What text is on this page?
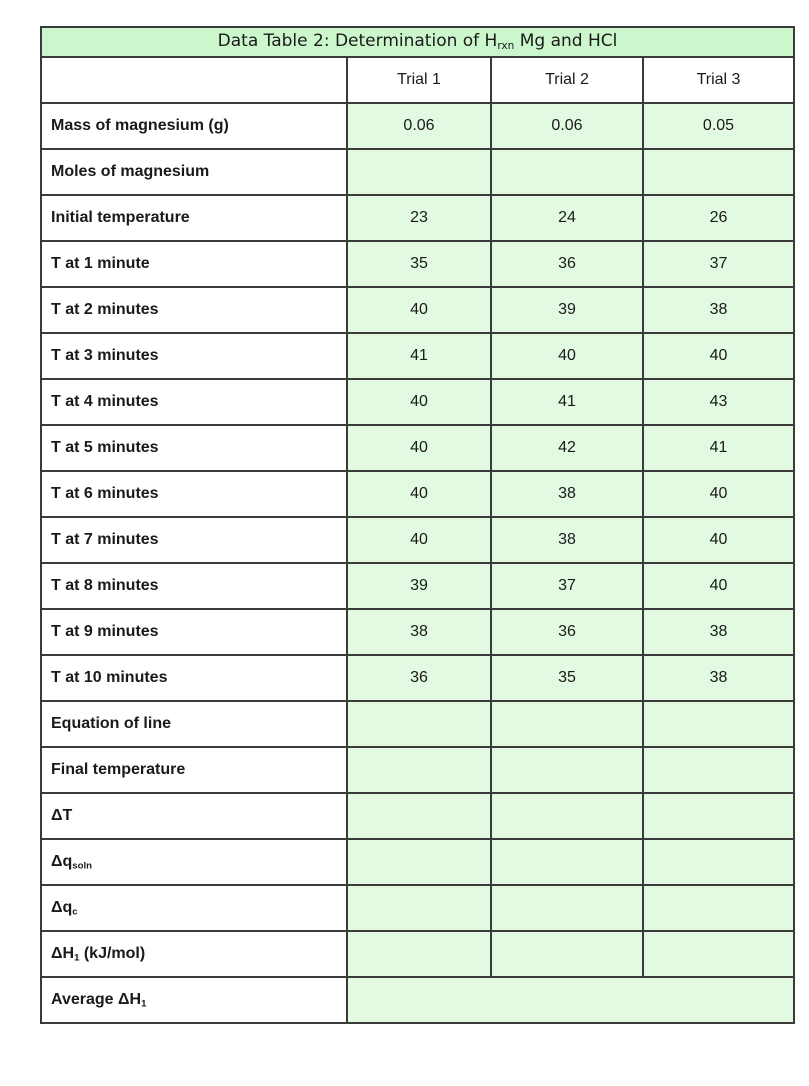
Data Table 2: Determination of Hrxn Mg and HCl			
	Trial 1	Trial 2	Trial 3
Mass of magnesium (g)	0.06	0.06	0.05
Moles of magnesium			
Initial temperature	23	24	26
T at 1 minute	35	36	37
T at 2 minutes	40	39	38
T at 3 minutes	41	40	40
T at 4 minutes	40	41	43
T at 5 minutes	40	42	41
T at 6 minutes	40	38	40
T at 7 minutes	40	38	40
T at 8 minutes	39	37	40
T at 9 minutes	38	36	38
T at 10 minutes	36	35	38
Equation of line			
Final temperature			
ΔT			
$\Delta q_{soln}$			
$\Delta q_c$			
$\Delta H_1$ (kJ/mol)			
Average $\Delta H_1$	
